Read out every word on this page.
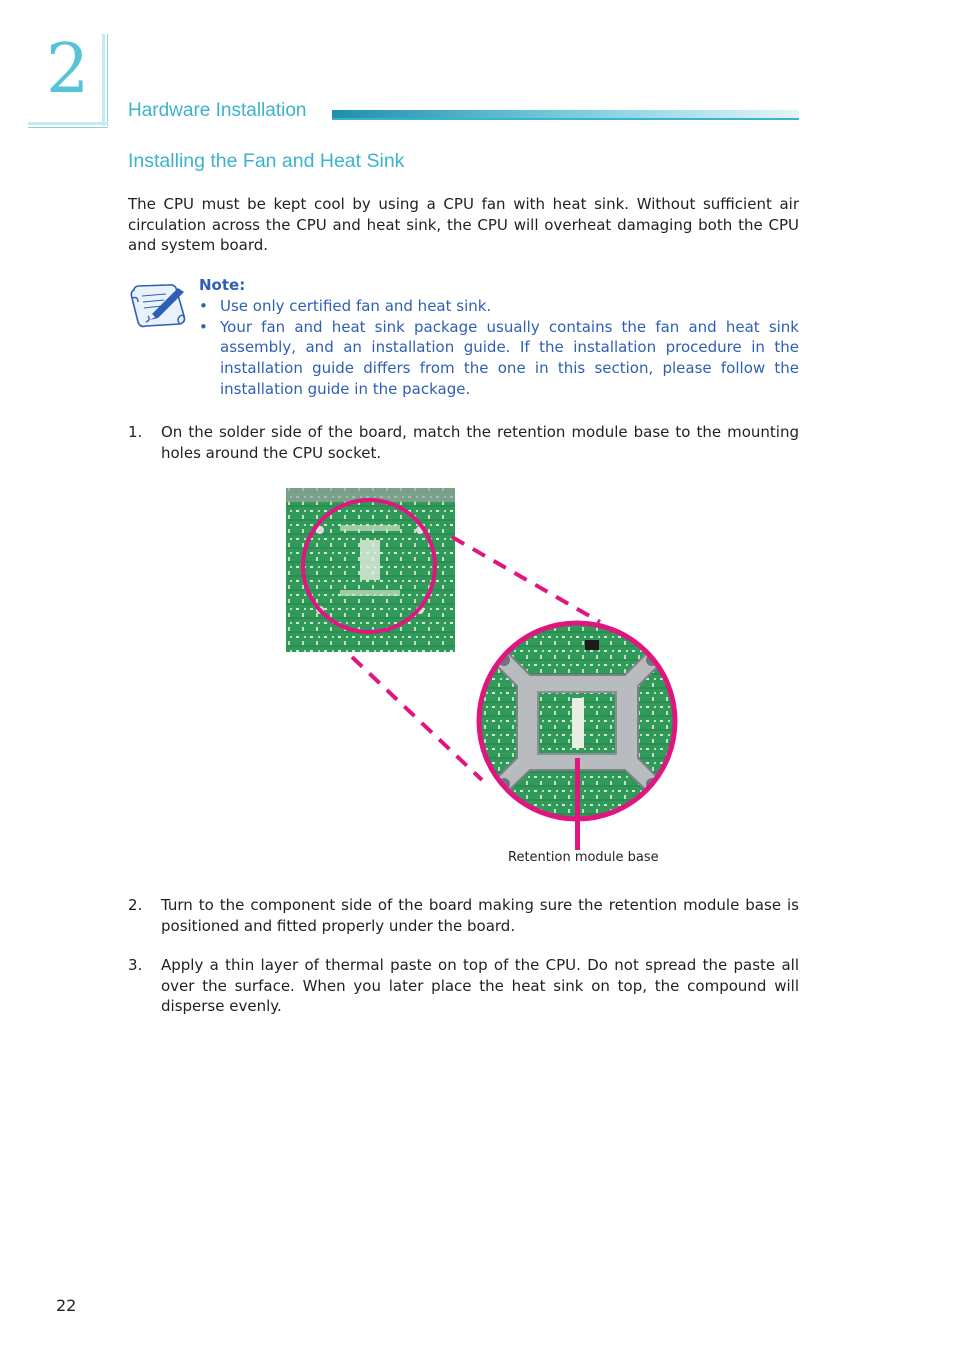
2
Hardware Installation
Installing the Fan and Heat Sink
The CPU must be kept cool by using a CPU fan with heat sink. Without sufficient air circulation across the CPU and heat sink, the CPU will overheat damaging both the CPU and system board.
Note:
• Use only certified fan and heat sink.
• Your fan and heat sink package usually contains the fan and heat sink assembly, and an installation guide. If the installation procedure in the installation guide differs from the one in this section, please follow the installation guide in the package.
1. On the solder side of the board, match the retention module base to the mounting holes around the CPU socket.
Retention module base
2. Turn to the component side of the board making sure the retention module base is positioned and fitted properly under the board.
3. Apply a thin layer of thermal paste on top of the CPU. Do not spread the paste all over the surface. When you later place the heat sink on top, the compound will disperse evenly.
22
